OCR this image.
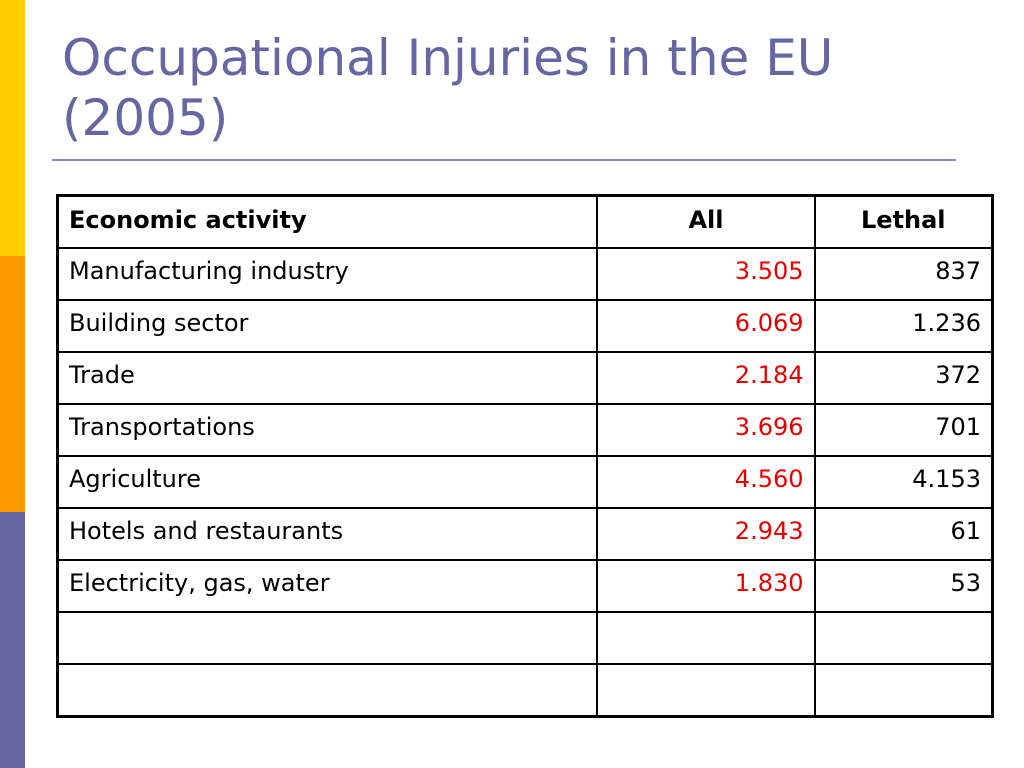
Occupational Injuries in the EU
(2005)
Economic activity	All	Lethal
Manufacturing industry	3.505	837
Building sector	6.069	1.236
Trade	2.184	372
Transportations	3.696	701
Agriculture	4.560	4.153
Hotels and restaurants	2.943	61
Electricity, gas, water	1.830	53
